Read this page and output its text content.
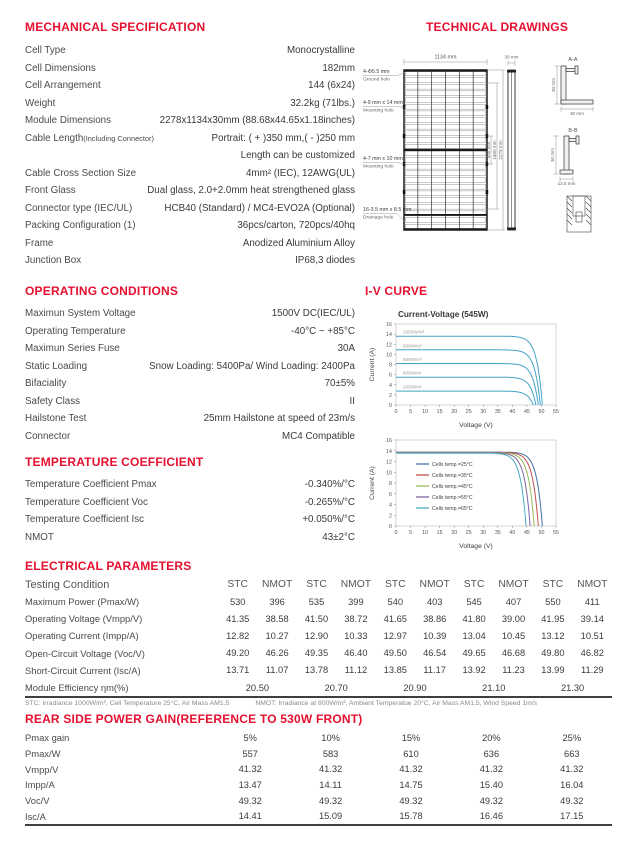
MECHANICAL SPECIFICATION
Cell Type	Monocrystalline
Cell Dimensions	182mm
Cell Arrangement	144 (6x24)
Weight	32.2kg (71lbs.)
Module Dimensions	2278x1134x30mm (88.68x44.65x1.18inches)
Cable Length(Including Connector)	Portrait: ( + )350 mm,( - )250 mm
Length can be customized
Cable Cross Section Size	4mm² (IEC), 12AWG(UL)
Front Glass	Dual glass, 2.0+2.0mm heat strengthened glass
Connector type (IEC/UL)	HCB40 (Standard) / MC4-EVO2A (Optional)
Packing Configuration (1)	36pcs/carton, 720pcs/40hq
Frame	Anodized Aluminium Alloy
Junction Box	IP68,3 diodes
OPERATING CONDITIONS
Maximun System Voltage	1500V DC(IEC/UL)
Operating Temperature	-40°C ~ +85°C
Maximun Series Fuse	30A
Static Loading	Snow Loading: 5400Pa/ Wind Loading: 2400Pa
Bifaciality	70±5%
Safety Class	II
Hailstone Test	25mm Hailstone at speed of 23m/s
Connector	MC4 Compatible
TEMPERATURE COEFFICIENT
Temperature Coefficient Pmax	-0.340%/°C
Temperature Coefficient Voc	-0.265%/°C
Temperature Coefficient Isc	+0.050%/°C
NMOT	43±2°C
TECHNICAL DRAWINGS
1134 mm
4-Φ5.5 mm
Ground hole
4-9 mm x 14 mm
Mounting hole
4-7 mm x 10 mm
Mounting hole
16-3.5 mm x 8.5 mm
Drainage hole
400 mm 1800 mm 2278 mm
30 mm	A-A
30 mm
30 mm
B-B
30 mm
13.5 mm
I-V CURVE
Current-Voltage (545W)
0 5 10 15 20 25 30 35 40 45 50 55
0
2
4
6
8
10
12
14
16
Voltage (V)
Current (A)
1000W/m²
800W/m²
600W/m²
400W/m²
200W/m²
0 5 10 15 20 25 30 35 40 45 50 55
0
2
4
6
8
10
12
14
16
Voltage (V)
Current (A)
Cells temp.=25°C
Cells temp.=35°C
Cells temp.=45°C
Cells temp.=55°C
Cells temp.=65°C
ELECTRICAL PARAMETERS
Testing Condition	STC	NMOT	STC	NMOT	STC	NMOT	STC	NMOT	STC	NMOT
Maximum Power (Pmax/W)	530	396	535	399	540	403	545	407	550	411
Operating Voltage (Vmpp/V)	41.35	38.58	41.50	38.72	41.65	38.86	41.80	39.00	41.95	39.14
Operating Current (Impp/A)	12.82	10.27	12.90	10.33	12.97	10.39	13.04	10.45	13.12	10.51
Open-Circuit Voltage (Voc/V)	49.20	46.26	49.35	46.40	49.50	46.54	49.65	46.68	49.80	46.82
Short-Circuit Current (Isc/A)	13.71	11.07	13.78	11.12	13.85	11.17	13.92	11.23	13.99	11.29
Module Efficiency ηm(%)	20.50	20.70	20.90	21.10	21.30
STC: Irradiance 1000W/m², Cell Temperature 25°C, Air Mass AM1.5	NMOT: Irradiance at 800W/m², Ambient Temperatue 20°C, Air Mass AM1.5, Wind Speed 1m/s
REAR SIDE POWER GAIN(REFERENCE TO 530W FRONT)
Pmax gain	5%	10%	15%	20%	25%
Pmax/W	557	583	610	636	663
Vmpp/V	41.32	41.32	41.32	41.32	41.32
Impp/A	13.47	14.11	14.75	15.40	16.04
Voc/V	49.32	49.32	49.32	49.32	49.32
Isc/A	14.41	15.09	15.78	16.46	17.15
